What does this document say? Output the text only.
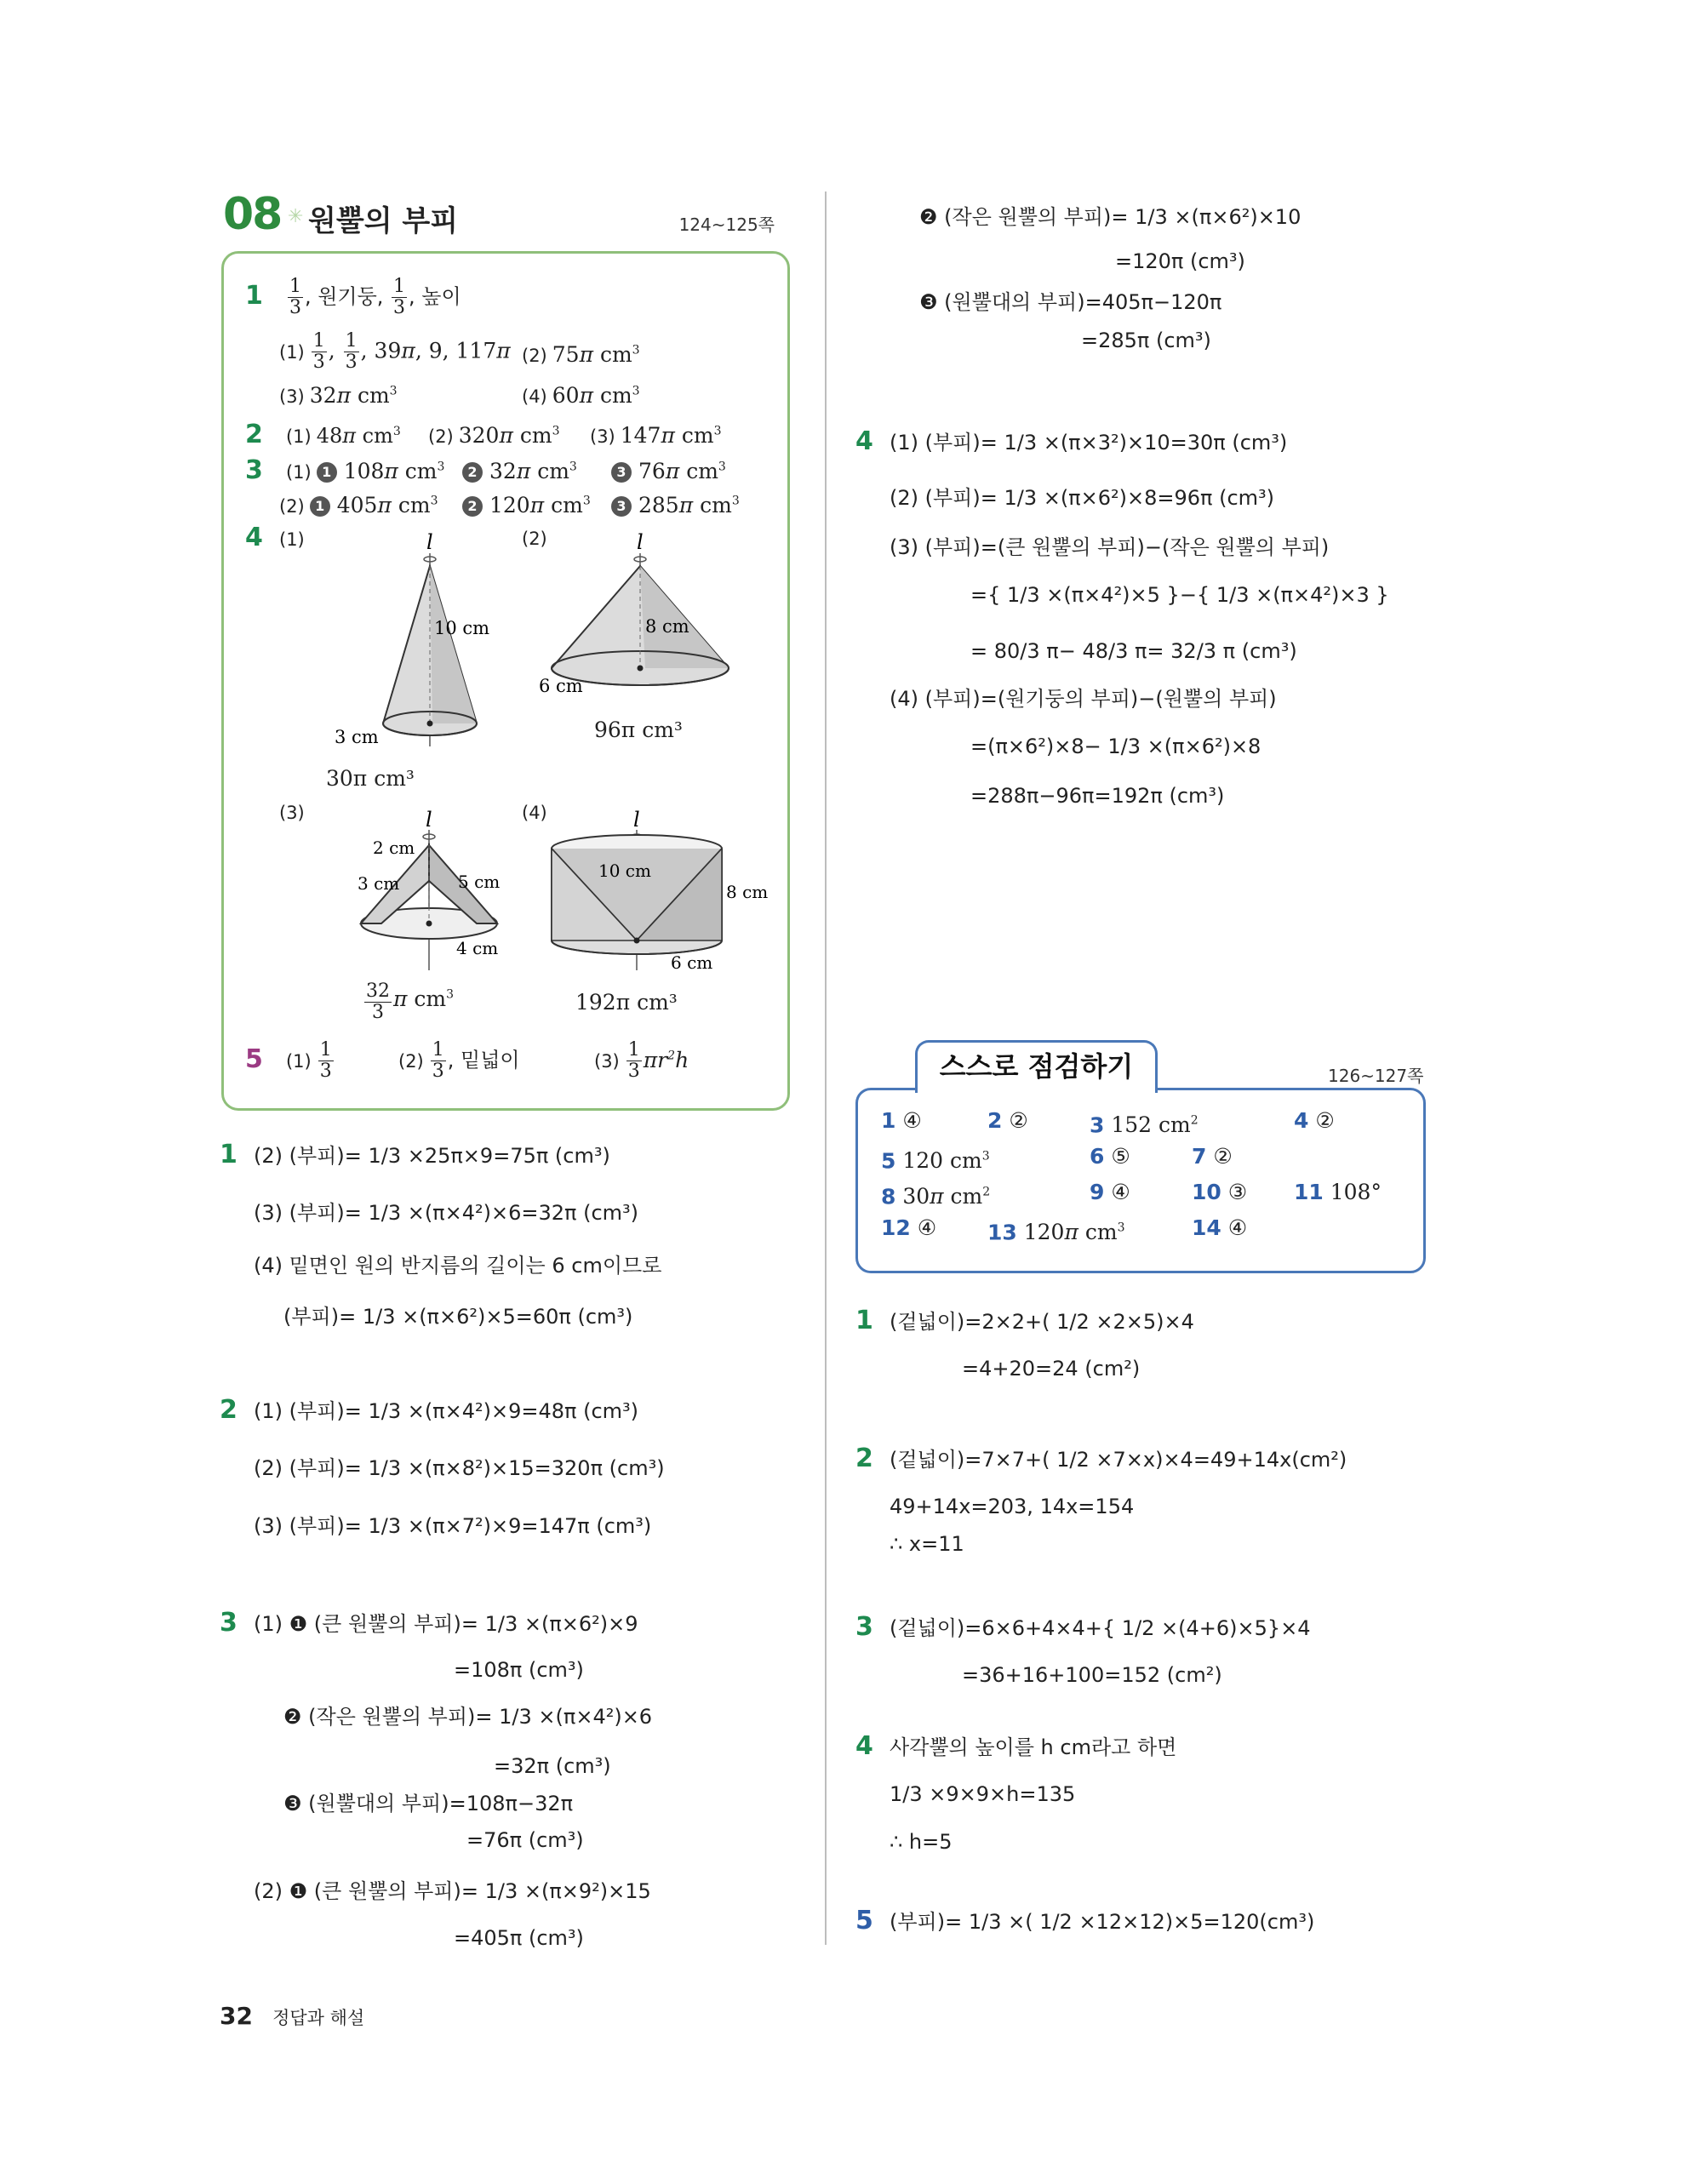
08 ✳ 원뿔의 부피	124~125쪽
$1 \frac{1}{3}$ , 원기둥, $\frac{1}{3}$ , 높이
$(1) \frac{1}{3}$ , $\frac{1}{3}$ , 39π, 9, 117π (2) 75π $cm^3$
(3) 32π $cm^3$	(4) 60π $cm^3$
2 (1) 48π $cm^3$ (2) 320π $cm^3$ (3) 147π $cm^3$
3 (1) 1 108π $cm^3$	2 32π $cm^3$	3 76π $cm^3$
(2) 1 405π $cm^3$	2 120π $cm^3$	3 285π $cm^3$
4 (1)	(2)
(3)	(4)
l
10 cm
3 cm
30π cm³
l
8 cm
6 cm
96π cm³
l
2 cm
3 cm	5 cm
4 cm
$\frac{32}{3}$ π $cm^3$
l
10 cm
8 cm
6 cm
192π cm³
5 $(1) \frac{1}{3}$	$(2) \frac{1}{3}$ , 밑넓이	$(3) \frac{1}{3} \pi r^2h$
1 (2) (부피)= 1/3 ×25π×9=75π (cm³)
(3) (부피)= 1/3 ×(π×4²)×6=32π (cm³)
(4) 밑면인 원의 반지름의 길이는 6 cm이므로
(부피)= 1/3 ×(π×6²)×5=60π (cm³)
2 (1) (부피)= 1/3 ×(π×4²)×9=48π (cm³)
(2) (부피)= 1/3 ×(π×8²)×15=320π (cm³)
(3) (부피)= 1/3 ×(π×7²)×9=147π (cm³)
3 (1) ❶ (큰 원뿔의 부피)= 1/3 ×(π×6²)×9
=108π (cm³)
❷ (작은 원뿔의 부피)= 1/3 ×(π×4²)×6
=32π (cm³)
❸ (원뿔대의 부피)=108π−32π
=76π (cm³)
(2) ❶ (큰 원뿔의 부피)= 1/3 ×(π×9²)×15
=405π (cm³)
❷ (작은 원뿔의 부피)= 1/3 ×(π×6²)×10
=120π (cm³)
❸ (원뿔대의 부피)=405π−120π
=285π (cm³)
4 (1) (부피)= 1/3 ×(π×3²)×10=30π (cm³)
(2) (부피)= 1/3 ×(π×6²)×8=96π (cm³)
(3) (부피)=(큰 원뿔의 부피)−(작은 원뿔의 부피)
={ 1/3 ×(π×4²)×5 }−{ 1/3 ×(π×4²)×3 }
= 80/3 π− 48/3 π= 32/3 π (cm³)
(4) (부피)=(원기둥의 부피)−(원뿔의 부피)
=(π×6²)×8− 1/3 ×(π×6²)×8
=288π−96π=192π (cm³)
스스로 점검하기	126~127쪽
1 ④	2 ②	3 152 $cm^2$	4 ②
5 120 $cm^3$	6 ⑤	7 ②
8 30π $cm^2$	9 ④	10 ③ 11 108°
12 ④ 13 120π $cm^3$	14 ④
1 (겉넓이)=2×2+( 1/2 ×2×5)×4
=4+20=24 (cm²)
2 (겉넓이)=7×7+( 1/2 ×7×x)×4=49+14x(cm²)
49+14x=203, 14x=154
∴ x=11
3 (겉넓이)=6×6+4×4+{ 1/2 ×(4+6)×5}×4
=36+16+100=152 (cm²)
4 사각뿔의 높이를 h cm라고 하면
1/3 ×9×9×h=135
∴ h=5
5 (부피)= 1/3 ×( 1/2 ×12×12)×5=120(cm³)
32 정답과 해설
